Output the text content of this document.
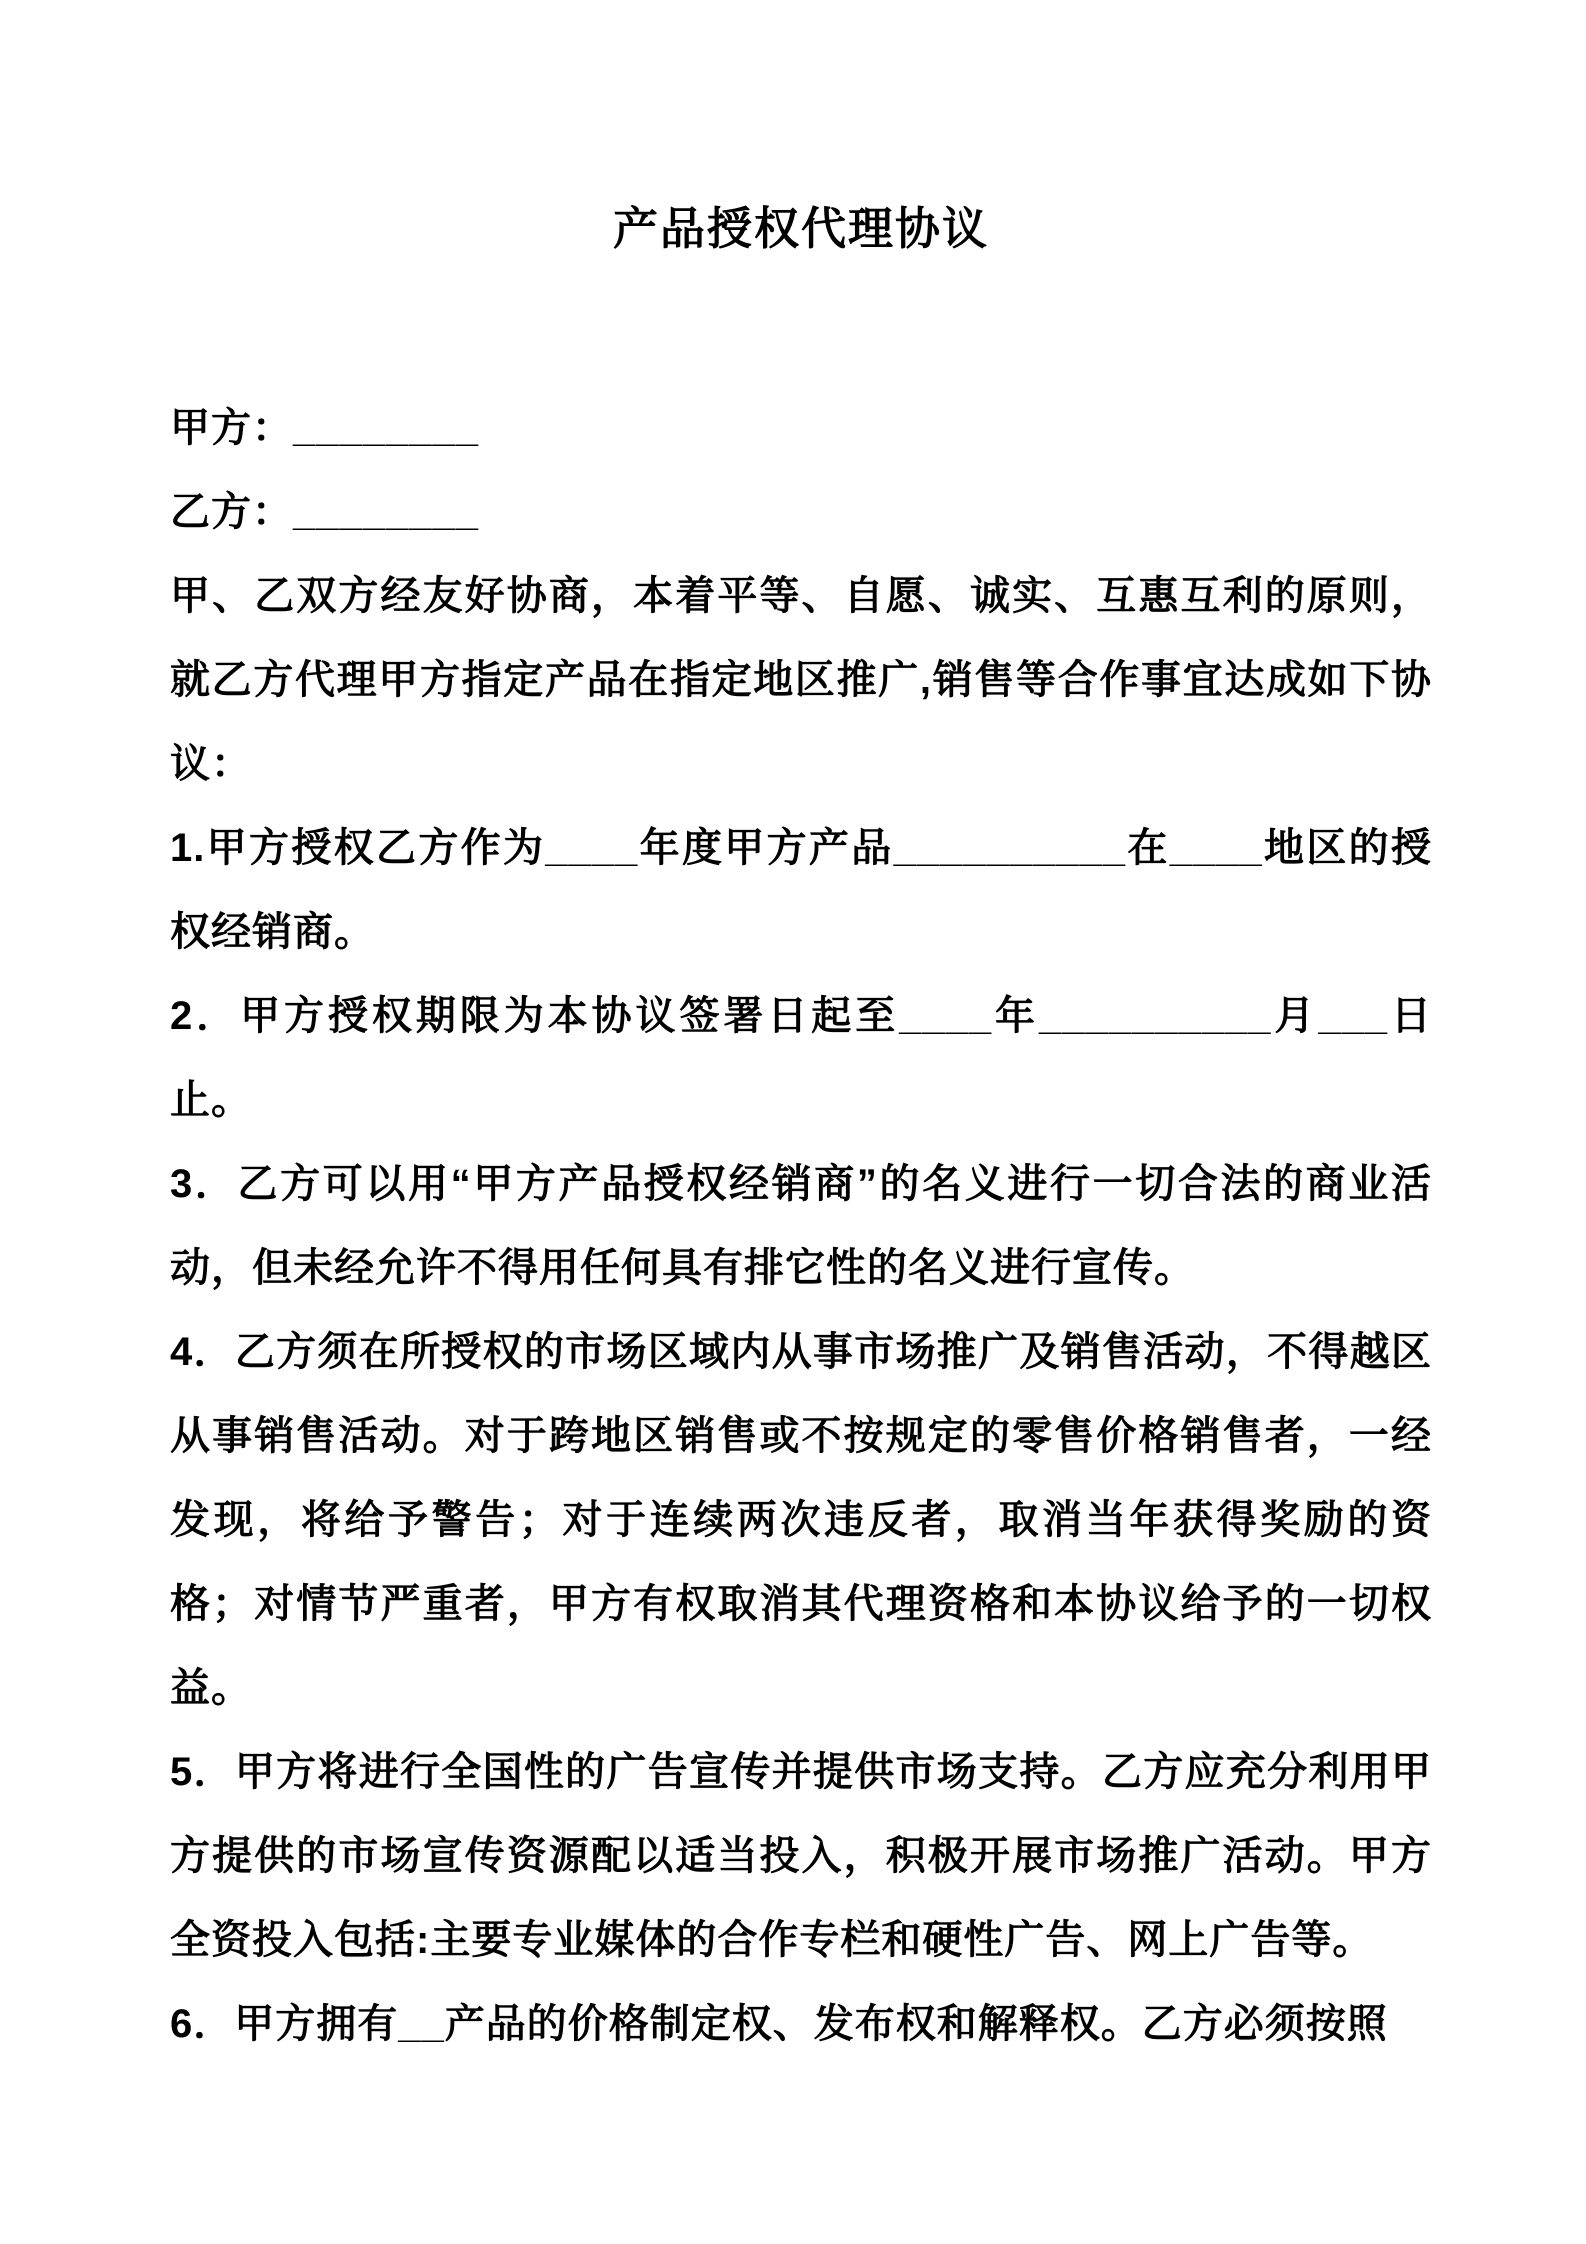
产品授权代理协议

甲方：________

乙方：________

甲、乙双方经友好协商，本着平等、自愿、诚实、互惠互利的原则，就乙方代理甲方指定产品在指定地区推广,销售等合作事宜达成如下协议：

1.甲方授权乙方作为____年度甲方产品__________在____地区的授权经销商。

2．甲方授权期限为本协议签署日起至____年__________月___日止。

3．乙方可以用“甲方产品授权经销商”的名义进行一切合法的商业活动，但未经允许不得用任何具有排它性的名义进行宣传。

4．乙方须在所授权的市场区域内从事市场推广及销售活动，不得越区从事销售活动。对于跨地区销售或不按规定的零售价格销售者，一经发现，将给予警告；对于连续两次违反者，取消当年获得奖励的资格；对情节严重者，甲方有权取消其代理资格和本协议给予的一切权益。

5．甲方将进行全国性的广告宣传并提供市场支持。乙方应充分利用甲方提供的市场宣传资源配以适当投入，积极开展市场推广活动。甲方全资投入包括:主要专业媒体的合作专栏和硬性广告、网上广告等。

6．甲方拥有__产品的价格制定权、发布权和解释权。乙方必须按照
